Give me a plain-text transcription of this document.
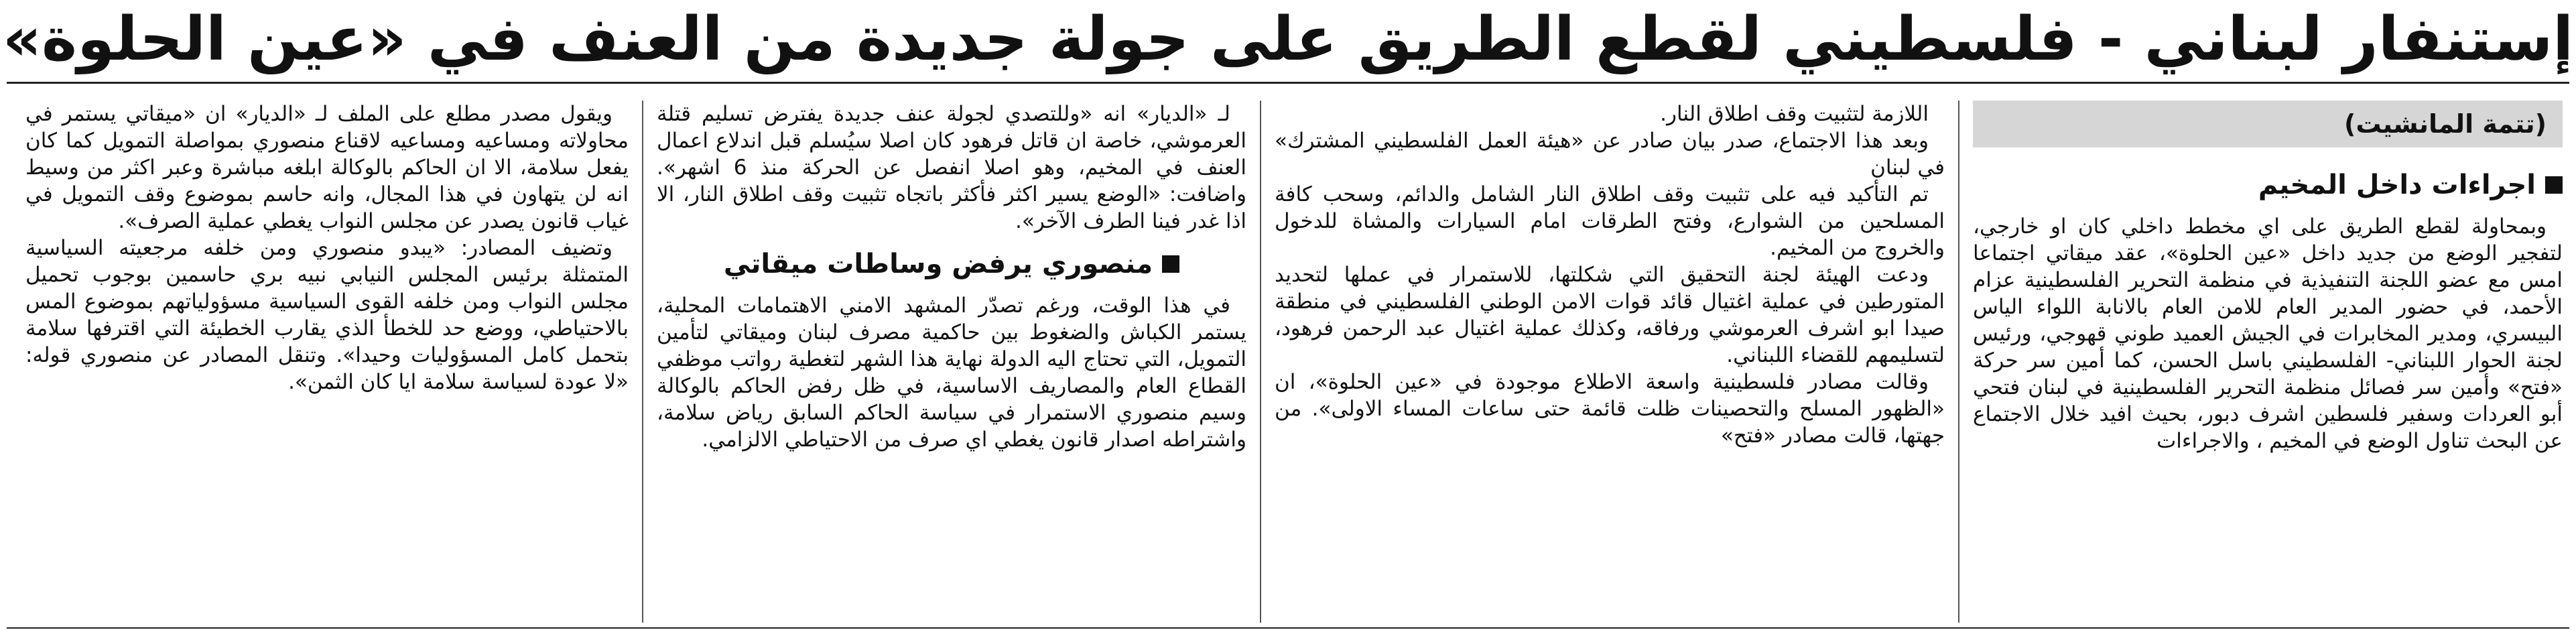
إستنفار لبناني - فلسطيني لقطع الطريق على جولة جديدة من العنف في «عين الحلوة»
(تتمة المانشيت)
اجراءات داخل المخيم

وبمحاولة لقطع الطريق على اي مخطط داخلي كان او خارجي، لتفجير الوضع من جديد داخل «عين الحلوة»، عقد ميقاتي اجتماعا امس مع عضو اللجنة التنفيذية في منظمة التحرير الفلسطينية عزام الأحمد، في حضور المدير العام للامن العام بالانابة اللواء الياس البيسري، ومدير المخابرات في الجيش العميد طوني قهوجي، ورئيس لجنة الحوار اللبناني- الفلسطيني باسل الحسن، كما أمين سر حركة «فتح» وأمين سر فصائل منظمة التحرير الفلسطينية في لبنان فتحي أبو العردات وسفير فلسطين اشرف دبور، بحيث افيد خلال الاجتماع عن البحث تناول الوضع في المخيم ، والاجراءات

اللازمة لتثبيت وقف اطلاق النار.

وبعد هذا الاجتماع، صدر بيان صادر عن «هيئة العمل الفلسطيني المشترك» في لبنان

تم التأكيد فيه على تثبيت وقف اطلاق النار الشامل والدائم، وسحب كافة المسلحين من الشوارع، وفتح الطرقات امام السيارات والمشاة للدخول والخروج من المخيم.

ودعت الهيئة لجنة التحقيق التي شكلتها، للاستمرار في عملها لتحديد المتورطين في عملية اغتيال قائد قوات الامن الوطني الفلسطيني في منطقة صيدا ابو اشرف العرموشي ورفاقه، وكذلك عملية اغتيال عبد الرحمن فرهود، لتسليمهم للقضاء اللبناني.

وقالت مصادر فلسطينية واسعة الاطلاع موجودة في «عين الحلوة»، ان «الظهور المسلح والتحصينات ظلت قائمة حتى ساعات المساء الاولى». من جهتها، قالت مصادر «فتح»

لـ «الديار» انه «وللتصدي لجولة عنف جديدة يفترض تسليم قتلة العرموشي، خاصة ان قاتل فرهود كان اصلا سيُسلم قبل اندلاع اعمال العنف في المخيم، وهو اصلا انفصل عن الحركة منذ 6 اشهر». واضافت: «الوضع يسير اكثر فأكثر باتجاه تثبيت وقف اطلاق النار، الا اذا غدر فينا الطرف الآخر».

منصوري يرفض وساطات ميقاتي

في هذا الوقت، ورغم تصدّر المشهد الامني الاهتمامات المحلية، يستمر الكباش والضغوط بين حاكمية مصرف لبنان وميقاتي لتأمين التمويل، التي تحتاج اليه الدولة نهاية هذا الشهر لتغطية رواتب موظفي القطاع العام والمصاريف الاساسية، في ظل رفض الحاكم بالوكالة وسيم منصوري الاستمرار في سياسة الحاكم السابق رياض سلامة، واشتراطه اصدار قانون يغطي اي صرف من الاحتياطي الالزامي.

ويقول مصدر مطلع على الملف لـ «الديار» ان «ميقاتي يستمر في محاولاته ومساعيه ومساعيه لاقناع منصوري بمواصلة التمويل كما كان يفعل سلامة، الا ان الحاكم بالوكالة ابلغه مباشرة وعبر اكثر من وسيط انه لن يتهاون في هذا المجال، وانه حاسم بموضوع وقف التمويل في غياب قانون يصدر عن مجلس النواب يغطي عملية الصرف».

وتضيف المصادر: «يبدو منصوري ومن خلفه مرجعيته السياسية المتمثلة برئيس المجلس النيابي نبيه بري حاسمين بوجوب تحميل مجلس النواب ومن خلفه القوى السياسية مسؤولياتهم بموضوع المس بالاحتياطي، ووضع حد للخطأ الذي يقارب الخطيئة التي اقترفها سلامة بتحمل كامل المسؤوليات وحيدا». وتنقل المصادر عن منصوري قوله: «لا عودة لسياسة سلامة ايا كان الثمن».
